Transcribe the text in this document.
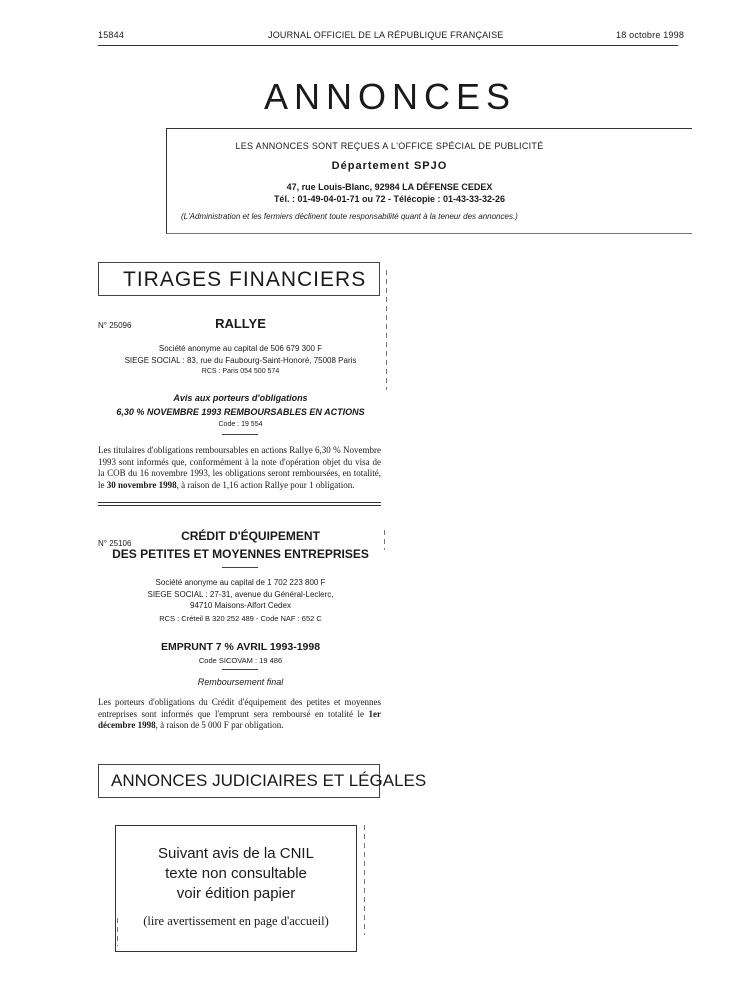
15844	JOURNAL OFFICIEL DE LA RÉPUBLIQUE FRANÇAISE	18 octobre 1998
ANNONCES
LES ANNONCES SONT REÇUES A L'OFFICE SPÉCIAL DE PUBLICITÉ
Département SPJO
47, rue Louis-Blanc, 92984 LA DÉFENSE CEDEX
Tél. : 01-49-04-01-71 ou 72 - Télécopie : 01-43-33-32-26
(L'Administration et les fermiers déclinent toute responsabilité quant à la teneur des annonces.)
TIRAGES FINANCIERS
N° 25096	RALLYE
Société anonyme au capital de 506 679 300 F
SIEGE SOCIAL : 83, rue du Faubourg-Saint-Honoré, 75008 Paris
RCS : Paris 054 500 574
Avis aux porteurs d'obligations
6,30 % NOVEMBRE 1993 REMBOURSABLES EN ACTIONS
Code : 19 554
Les titulaires d'obligations remboursables en actions Rallye 6,30 % Novembre 1993 sont informés que, conformément à la note d'opération objet du visa de la COB du 16 novembre 1993, les obligations seront remboursées, en totalité, le 30 novembre 1998, à raison de 1,16 action Rallye pour 1 obligation.
N° 25106
CRÉDIT D'ÉQUIPEMENT
DES PETITES ET MOYENNES ENTREPRISES
Société anonyme au capital de 1 702 223 800 F
SIEGE SOCIAL : 27-31, avenue du Général-Leclerc,
94710 Maisons-Alfort Cedex
RCS : Créteil B 320 252 489 - Code NAF : 652 C
EMPRUNT 7 % AVRIL 1993-1998
Code SICOVAM : 19 486
Remboursement final
Les porteurs d'obligations du Crédit d'équipement des petites et moyennes entreprises sont informés que l'emprunt sera remboursé en totalité le 1er décembre 1998, à raison de 5 000 F par obligation.
ANNONCES JUDICIAIRES ET LÉGALES
Suivant avis de la CNIL
texte non consultable
voir édition papier
(lire avertissement en page d'accueil)
